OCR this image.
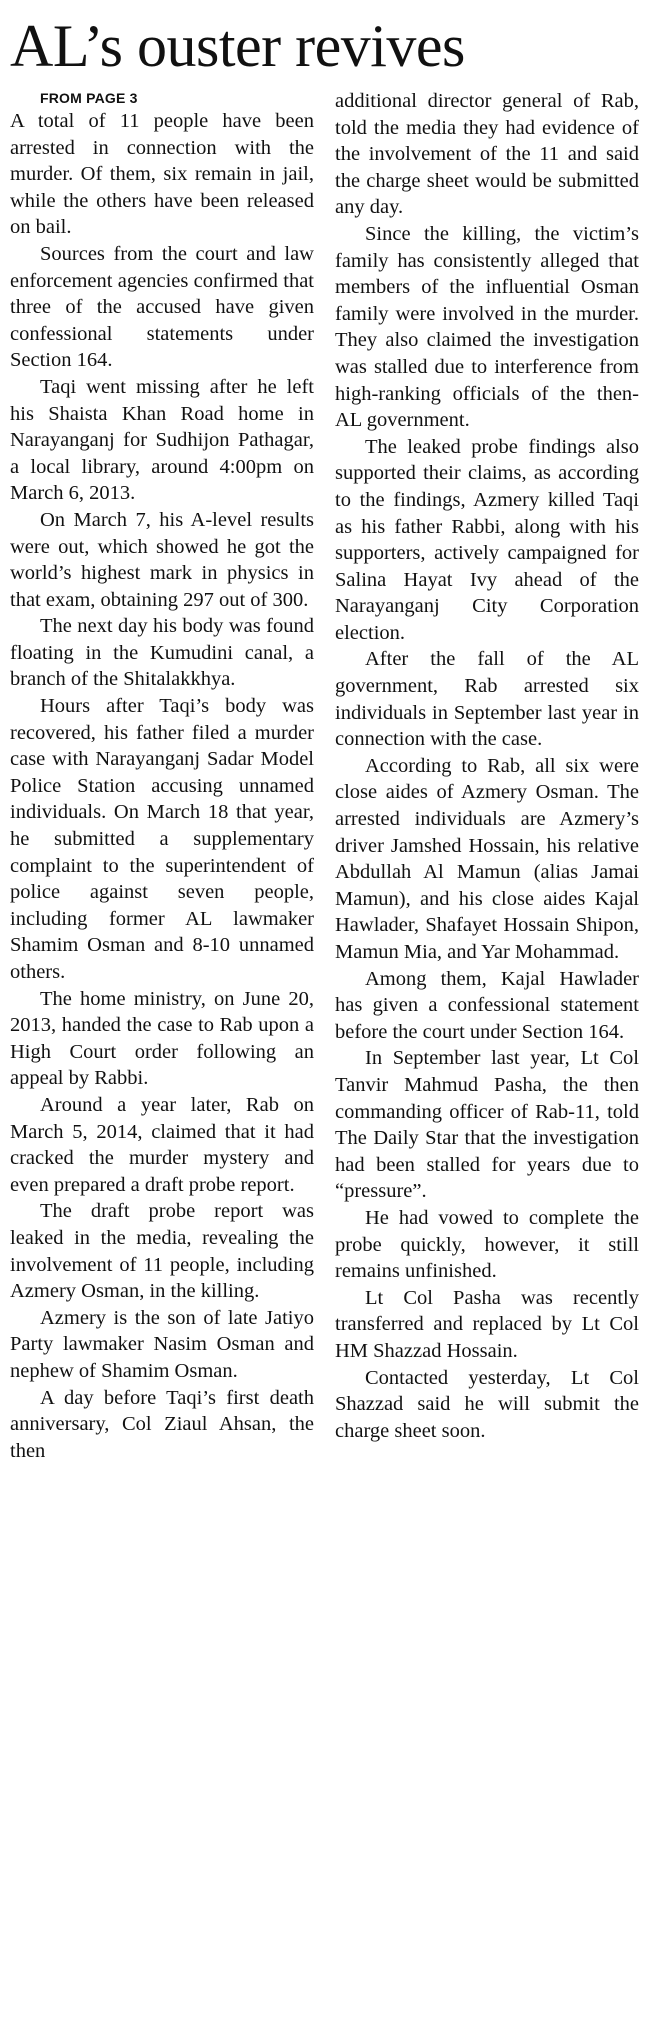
AL’s ouster revives

FROM PAGE 3

A total of 11 people have been arrested in connection with the murder. Of them, six remain in jail, while the others have been released on bail.

Sources from the court and law enforcement agencies confirmed that three of the accused have given confessional statements under Section 164.

Taqi went missing after he left his Shaista Khan Road home in Narayanganj for Sudhijon Pathagar, a local library, around 4:00pm on March 6, 2013.

On March 7, his A-level results were out, which showed he got the world’s highest mark in physics in that exam, obtaining 297 out of 300.

The next day his body was found floating in the Kumudini canal, a branch of the Shitalakkhya.

Hours after Taqi’s body was recovered, his father filed a murder case with Narayanganj Sadar Model Police Station accusing unnamed individuals. On March 18 that year, he submitted a supplementary complaint to the superintendent of police against seven people, including former AL lawmaker Shamim Osman and 8-10 unnamed others.

The home ministry, on June 20, 2013, handed the case to Rab upon a High Court order following an appeal by Rabbi.

Around a year later, Rab on March 5, 2014, claimed that it had cracked the murder mystery and even prepared a draft probe report.

The draft probe report was leaked in the media, revealing the involvement of 11 people, including Azmery Osman, in the killing.

Azmery is the son of late Jatiyo Party lawmaker Nasim Osman and nephew of Shamim Osman.

A day before Taqi’s first death anniversary, Col Ziaul Ahsan, the then

additional director general of Rab, told the media they had evidence of the involvement of the 11 and said the charge sheet would be submitted any day.

Since the killing, the victim’s family has consistently alleged that members of the influential Osman family were involved in the murder. They also claimed the investigation was stalled due to interference from high-ranking officials of the then-AL government.

The leaked probe findings also supported their claims, as according to the findings, Azmery killed Taqi as his father Rabbi, along with his supporters, actively campaigned for Salina Hayat Ivy ahead of the Narayanganj City Corporation election.

After the fall of the AL government, Rab arrested six individuals in September last year in connection with the case.

According to Rab, all six were close aides of Azmery Osman. The arrested individuals are Azmery’s driver Jamshed Hossain, his relative Abdullah Al Mamun (alias Jamai Mamun), and his close aides Kajal Hawlader, Shafayet Hossain Shipon, Mamun Mia, and Yar Mohammad.

Among them, Kajal Hawlader has given a confessional statement before the court under Section 164.

In September last year, Lt Col Tanvir Mahmud Pasha, the then commanding officer of Rab-11, told The Daily Star that the investigation had been stalled for years due to “pressure”.

He had vowed to complete the probe quickly, however, it still remains unfinished.

Lt Col Pasha was recently transferred and replaced by Lt Col HM Shazzad Hossain.

Contacted yesterday, Lt Col Shazzad said he will submit the charge sheet soon.
